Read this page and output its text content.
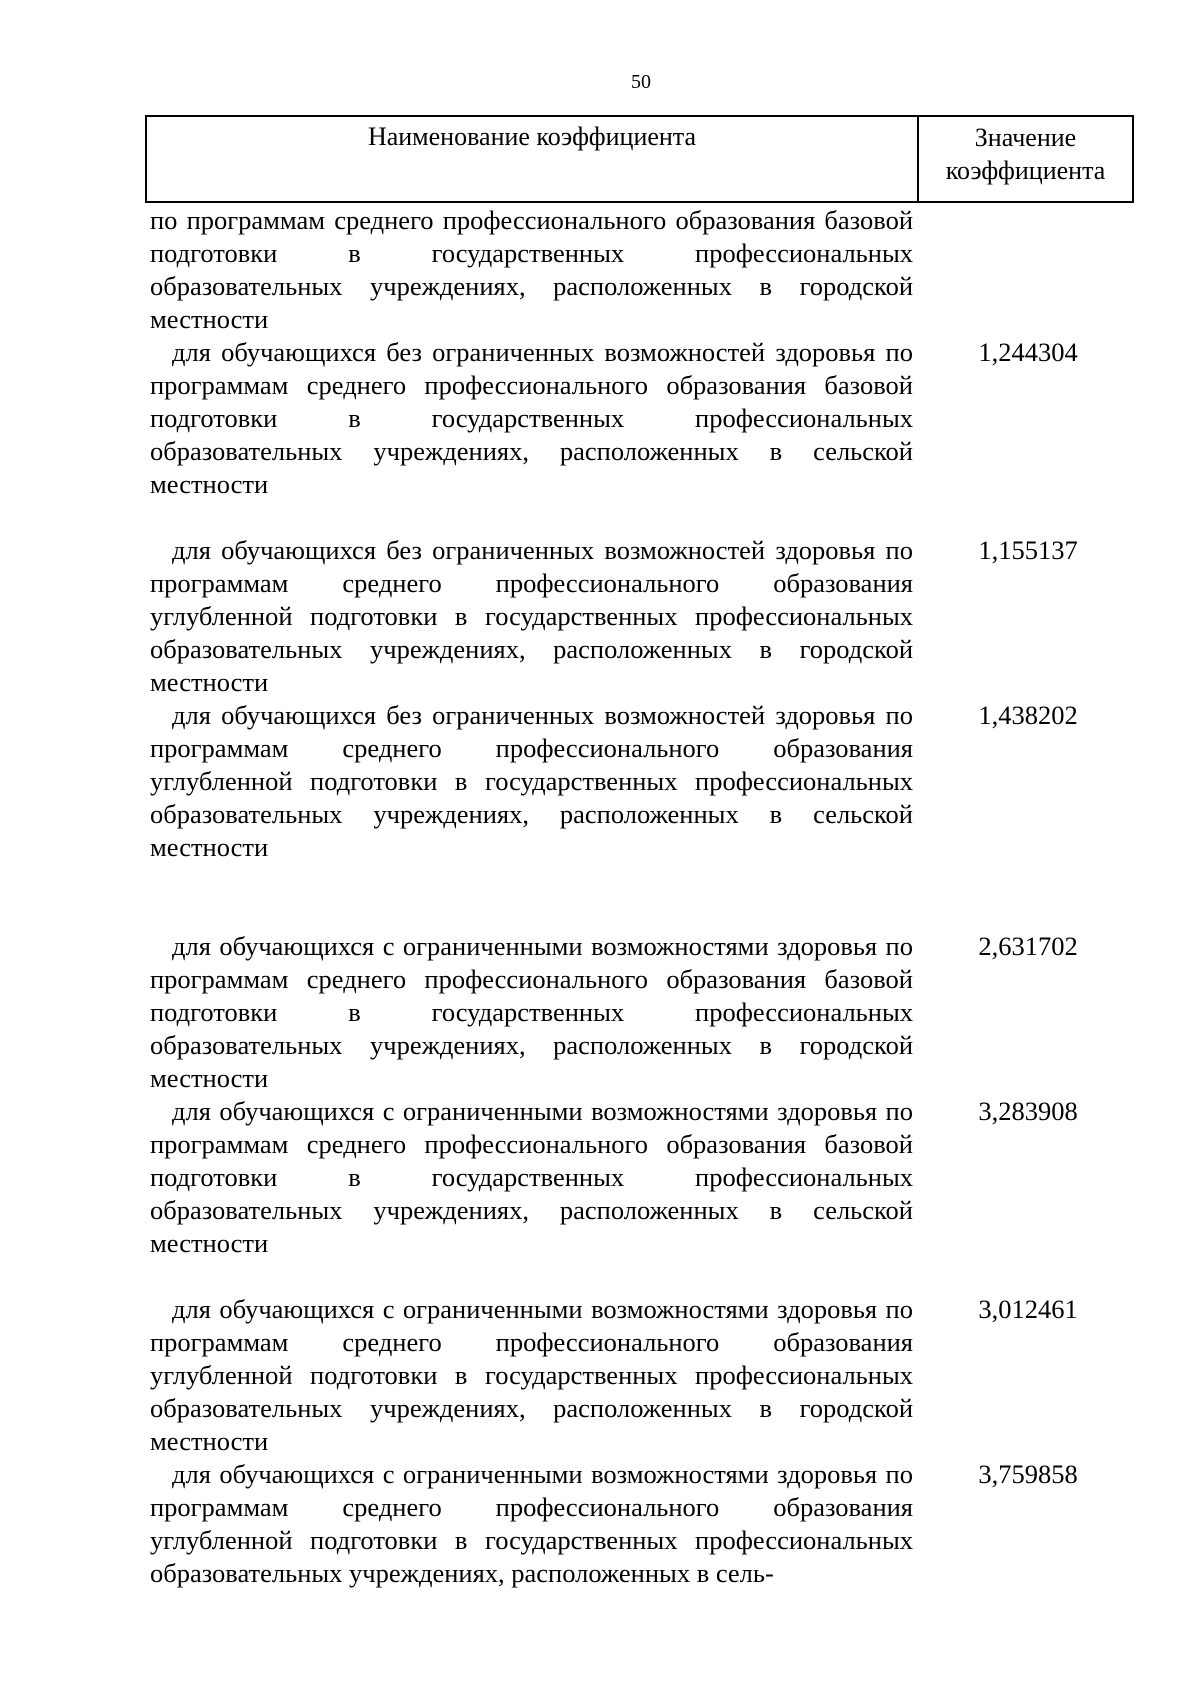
50
Наименование коэффициента	Значение коэффициента

по программам среднего профессионального образования базовой подготовки в государственных профессиональных образовательных учреждениях, расположенных в городской местности

для обучающихся без ограниченных возможностей здоровья по программам среднего профессионального образования базовой подготовки в государственных профессиональных образовательных учреждениях, расположенных в сельской местности

1,244304

для обучающихся без ограниченных возможностей здоровья по программам среднего профессионального образования углубленной подготовки в государственных профессиональных образовательных учреждениях, расположенных в городской местности

1,155137

для обучающихся без ограниченных возможностей здоровья по программам среднего профессионального образования углубленной подготовки в государственных профессиональных образовательных учреждениях, расположенных в сельской местности

1,438202

для обучающихся с ограниченными возможностями здоровья по программам среднего профессионального образования базовой подготовки в государственных профессиональных образовательных учреждениях, расположенных в городской местности

2,631702

для обучающихся с ограниченными возможностями здоровья по программам среднего профессионального образования базовой подготовки в государственных профессиональных образовательных учреждениях, расположенных в сельской местности

3,283908

для обучающихся с ограниченными возможностями здоровья по программам среднего профессионального образования углубленной подготовки в государственных профессиональных образовательных учреждениях, расположенных в городской местности

3,012461

для обучающихся с ограниченными возможностями здоровья по программам среднего профессионального образования углубленной подготовки в государственных профессиональных образовательных учреждениях, расположенных в сель-

3,759858
